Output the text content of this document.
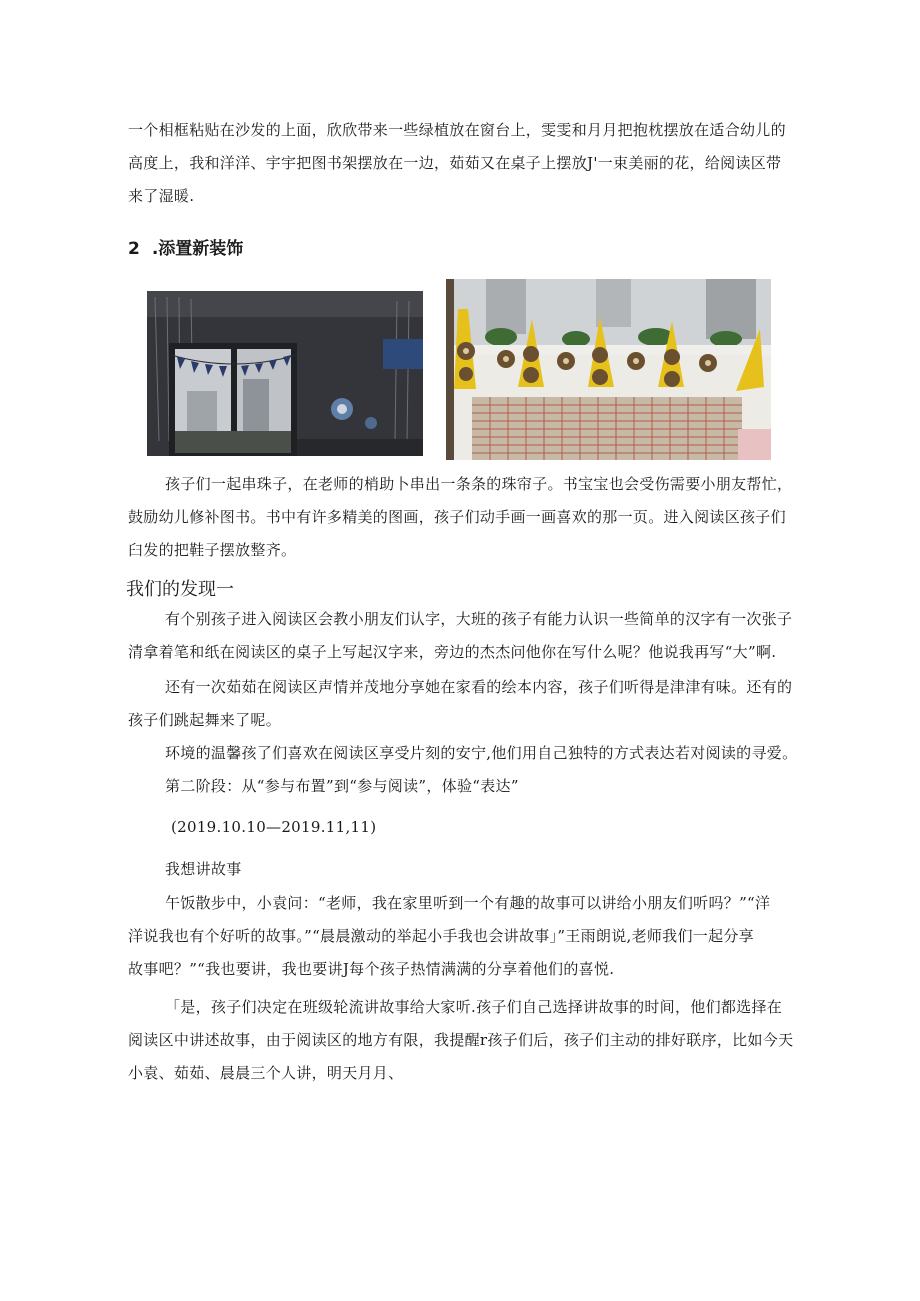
一个相框粘贴在沙发的上面，欣欣带来一些绿植放在窗台上，雯雯和月月把抱枕摆放在适合幼儿的
高度上，我和洋洋、宇宇把图书架摆放在一边，茹茹又在桌子上摆放J'一束美丽的花，给阅读区带
来了湿暖.
2 .添置新装饰
孩子们一起串珠子，在老师的梢助卜串出一条条的珠帘子。书宝宝也会受伤需要小朋友帮忙，
鼓励幼儿修补图书。书中有许多精美的图画，孩子们动手画一画喜欢的那一页。进入阅读区孩子们
臼发的把鞋子摆放整齐。
我们的发现一
有个别孩子进入阅读区会教小朋友们认字，大班的孩子有能力认识一些简单的汉字有一次张子
清拿着笔和纸在阅读区的桌子上写起汉字来，旁边的杰杰问他你在写什么呢？他说我再写“大”啊.
还有一次茹茹在阅读区声情并茂地分享她在家看的绘本内容，孩子们听得是津津有味。还有的
孩子们跳起舞来了呢。
环境的温馨孩了们喜欢在阅读区享受片刻的安宁,他们用自己独特的方式表达若对阅读的寻爱。
第二阶段：从“参与布置”到“参与阅读”，体验“表达”
(2019.10.10—2019.11,11)
我想讲故事
午饭散步中，小袁问：“老师，我在家里听到一个有趣的故事可以讲给小朋友们听吗？”“洋
洋说我也有个好听的故事。”“晨晨激动的举起小手我也会讲故事」”王雨朗说,老师我们一起分享
故事吧？”“我也要讲，我也要讲J每个孩子热情满满的分享着他们的喜悦.
「是，孩子们决定在班级轮流讲故事给大家听.孩子们自己选择讲故事的时间，他们都选择在
阅读区中讲述故事，由于阅读区的地方有限，我提醒r孩子们后，孩子们主动的排好联序，比如今天
小袁、茹茹、晨晨三个人讲，明天月月、
